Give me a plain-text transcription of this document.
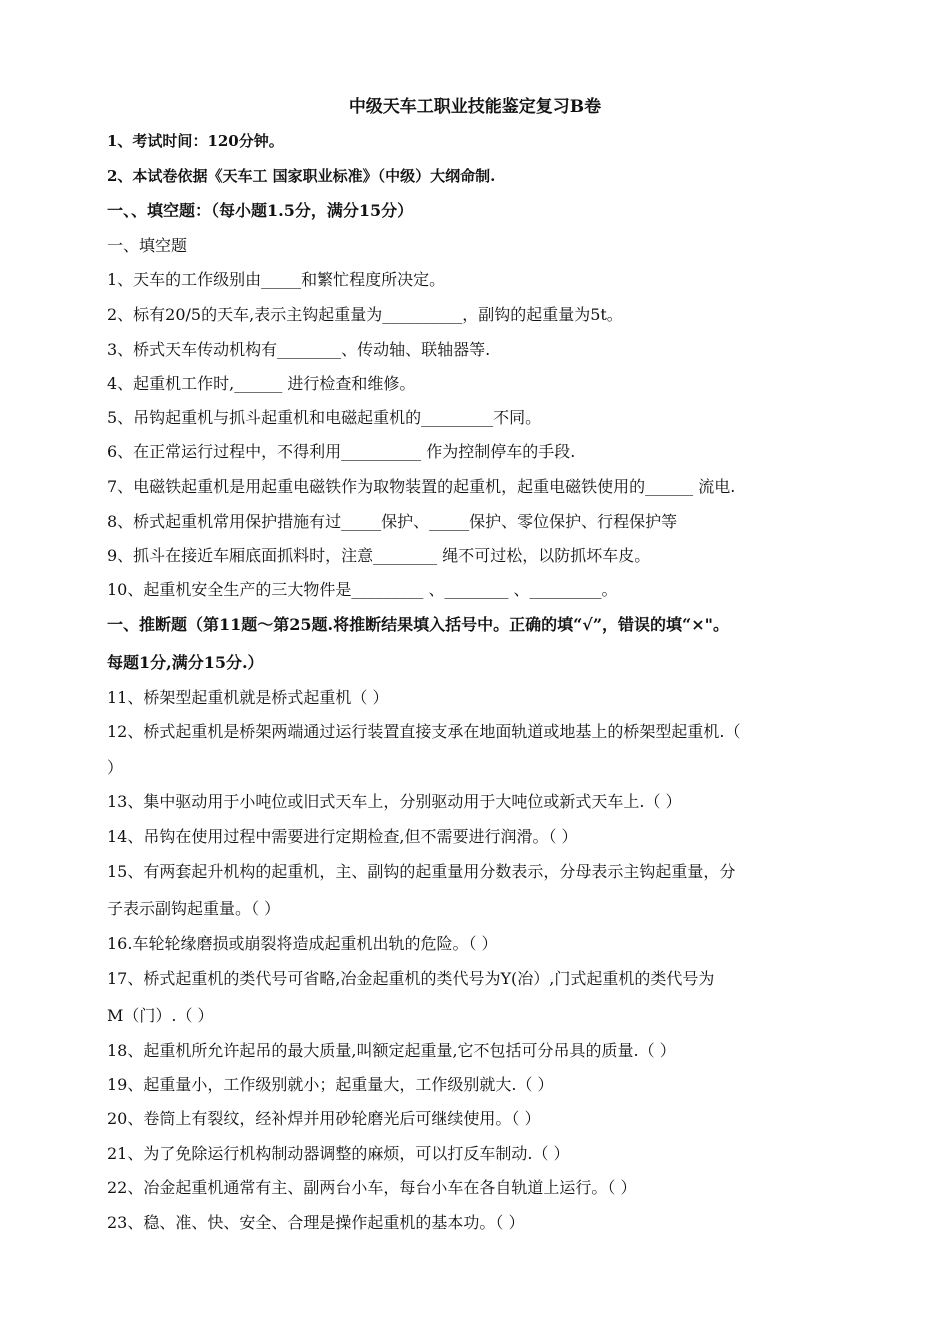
中级天车工职业技能鉴定复习B卷
1、考试时间：120分钟。
2、本试卷依据《天车工 国家职业标准》（中级）大纲命制.
一、、填空题：（每小题1.5分，满分15分）
一、填空题
1、天车的工作级别由_____和繁忙程度所决定。
2、标有20/5的天车,表示主钩起重量为__________，副钩的起重量为5t。
3、桥式天车传动机构有________、传动轴、联轴器等.
4、起重机工作时,______ 进行检查和维修。
5、吊钩起重机与抓斗起重机和电磁起重机的_________不同。
6、在正常运行过程中，不得利用__________ 作为控制停车的手段.
7、电磁铁起重机是用起重电磁铁作为取物装置的起重机，起重电磁铁使用的______ 流电.
8、桥式起重机常用保护措施有过_____保护、_____保护、零位保护、行程保护等
9、抓斗在接近车厢底面抓料时，注意________ 绳不可过松，以防抓坏车皮。
10、起重机安全生产的三大物件是_________ 、________ 、_________。
一、推断题（第11题～第25题.将推断结果填入括号中。正确的填“√”，错误的填“×"。
每题1分,满分15分.）
11、桥架型起重机就是桥式起重机（ ）
12、桥式起重机是桥架两端通过运行装置直接支承在地面轨道或地基上的桥架型起重机.（
）
13、集中驱动用于小吨位或旧式天车上，分别驱动用于大吨位或新式天车上.（ ）
14、吊钩在使用过程中需要进行定期检查,但不需要进行润滑。（ ）
15、有两套起升机构的起重机，主、副钩的起重量用分数表示，分母表示主钩起重量，分
子表示副钩起重量。（ ）
16.车轮轮缘磨损或崩裂将造成起重机出轨的危险。（ ）
17、桥式起重机的类代号可省略,冶金起重机的类代号为Y(冶）,门式起重机的类代号为
M（门）.（ ）
18、起重机所允许起吊的最大质量,叫额定起重量,它不包括可分吊具的质量.（ ）
19、起重量小，工作级别就小；起重量大，工作级别就大.（ ）
20、卷筒上有裂纹，经补焊并用砂轮磨光后可继续使用。（ ）
21、为了免除运行机构制动器调整的麻烦，可以打反车制动.（ ）
22、冶金起重机通常有主、副两台小车，每台小车在各自轨道上运行。（ ）
23、稳、准、快、安全、合理是操作起重机的基本功。（ ）
